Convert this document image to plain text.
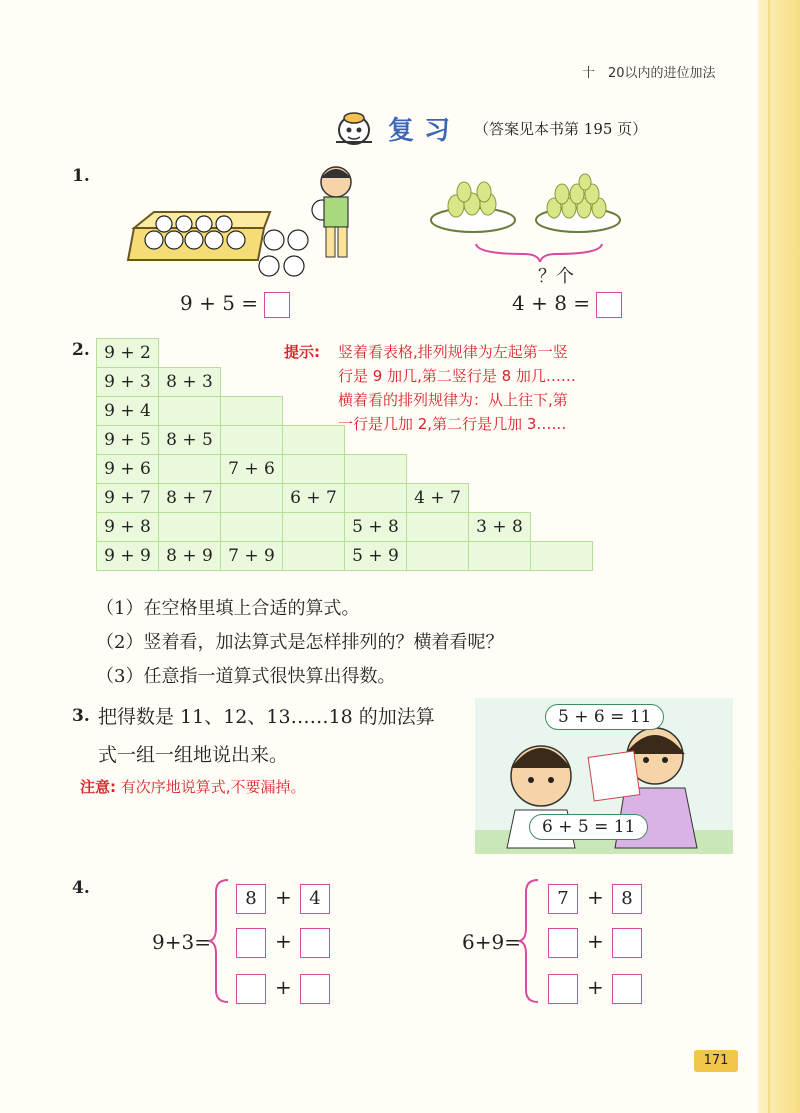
十　20以内的进位加法
复习 （答案见本书第 195 页）
1.
？个
9 + 5 =	4 + 8 =
2. 9 + 2							
9 + 3	8 + 3						
9 + 4							
9 + 5	8 + 5						
9 + 6		7 + 6					
9 + 7	8 + 7		6 + 7		4 + 7		
9 + 8				5 + 8		3 + 8	
9 + 9	8 + 9	7 + 9		5 + 9			
提示: 竖着看表格,排列规律为左起第一竖
行是 9 加几,第二竖行是 8 加几……
横着看的排列规律为：从上往下,第
一行是几加 2,第二行是几加 3……
（1）在空格里填上合适的算式。
（2）竖着看，加法算式是怎样排列的？横着看呢？
（3）任意指一道算式很快算出得数。
3. 把得数是 11、12、13……18 的加法算式一组一组地说出来。
注意: 有次序地说算式,不要漏掉。
5 + 6 = 11
6 + 5 = 11
4.
9+3=
8 + 4
+
+
6+9=
7 + 8
+
+
171
